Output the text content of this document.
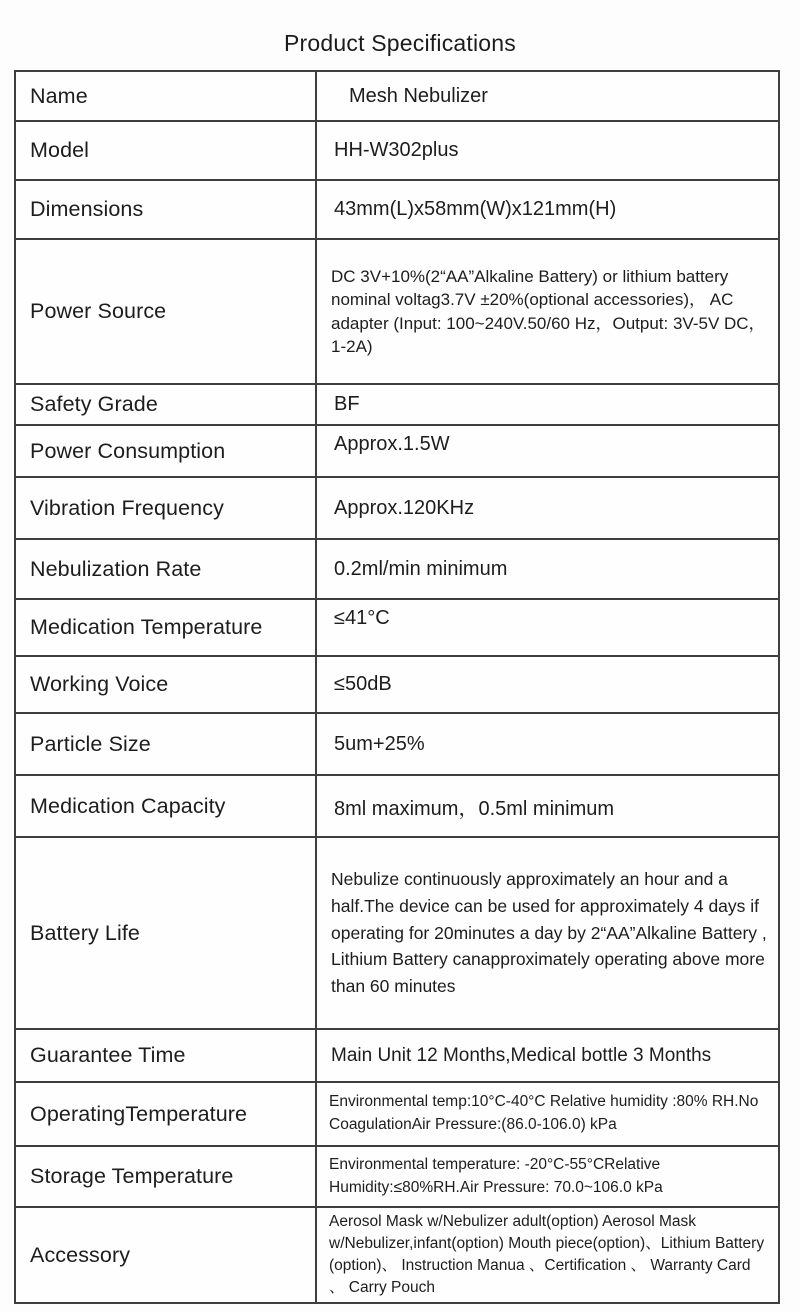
Product Specifications
Name	Mesh Nebulizer
Model	HH-W302plus
Dimensions	43mm(L)x58mm(W)x121mm(H)
Power Source	DC 3V+10%(2“AA”Alkaline Battery) or lithium battery nominal voltag3.7V ±20%(optional accessories)， AC adapter (Input: 100~240V.50/60 Hz，Output: 3V-5V DC，1-2A)
Safety Grade	BF
Power Consumption	Approx.1.5W
Vibration Frequency	Approx.120KHz
Nebulization Rate	0.2ml/min minimum
Medication Temperature	≤41°C
Working Voice	≤50dB
Particle Size	5um+25%
Medication Capacity	8ml maximum，0.5ml minimum
Battery Life	Nebulize continuously approximately an hour and a half.The device can be used for approximately 4 days if operating for 20minutes a day by 2“AA”Alkaline Battery , Lithium Battery canapproximately operating above more than 60 minutes
Guarantee Time	Main Unit 12 Months,Medical bottle 3 Months
OperatingTemperature	Environmental temp:10°C-40°C Relative humidity :80% RH.No CoagulationAir Pressure:(86.0-106.0) kPa
Storage Temperature	Environmental temperature: -20°C-55°CRelative Humidity:≤80%RH.Air Pressure: 70.0~106.0 kPa
Accessory	Aerosol Mask w/Nebulizer adult(option) Aerosol Mask w/Nebulizer,infant(option) Mouth piece(option)、Lithium Battery (option)、 Instruction Manua 、Certification 、 Warranty Card 、 Carry Pouch
